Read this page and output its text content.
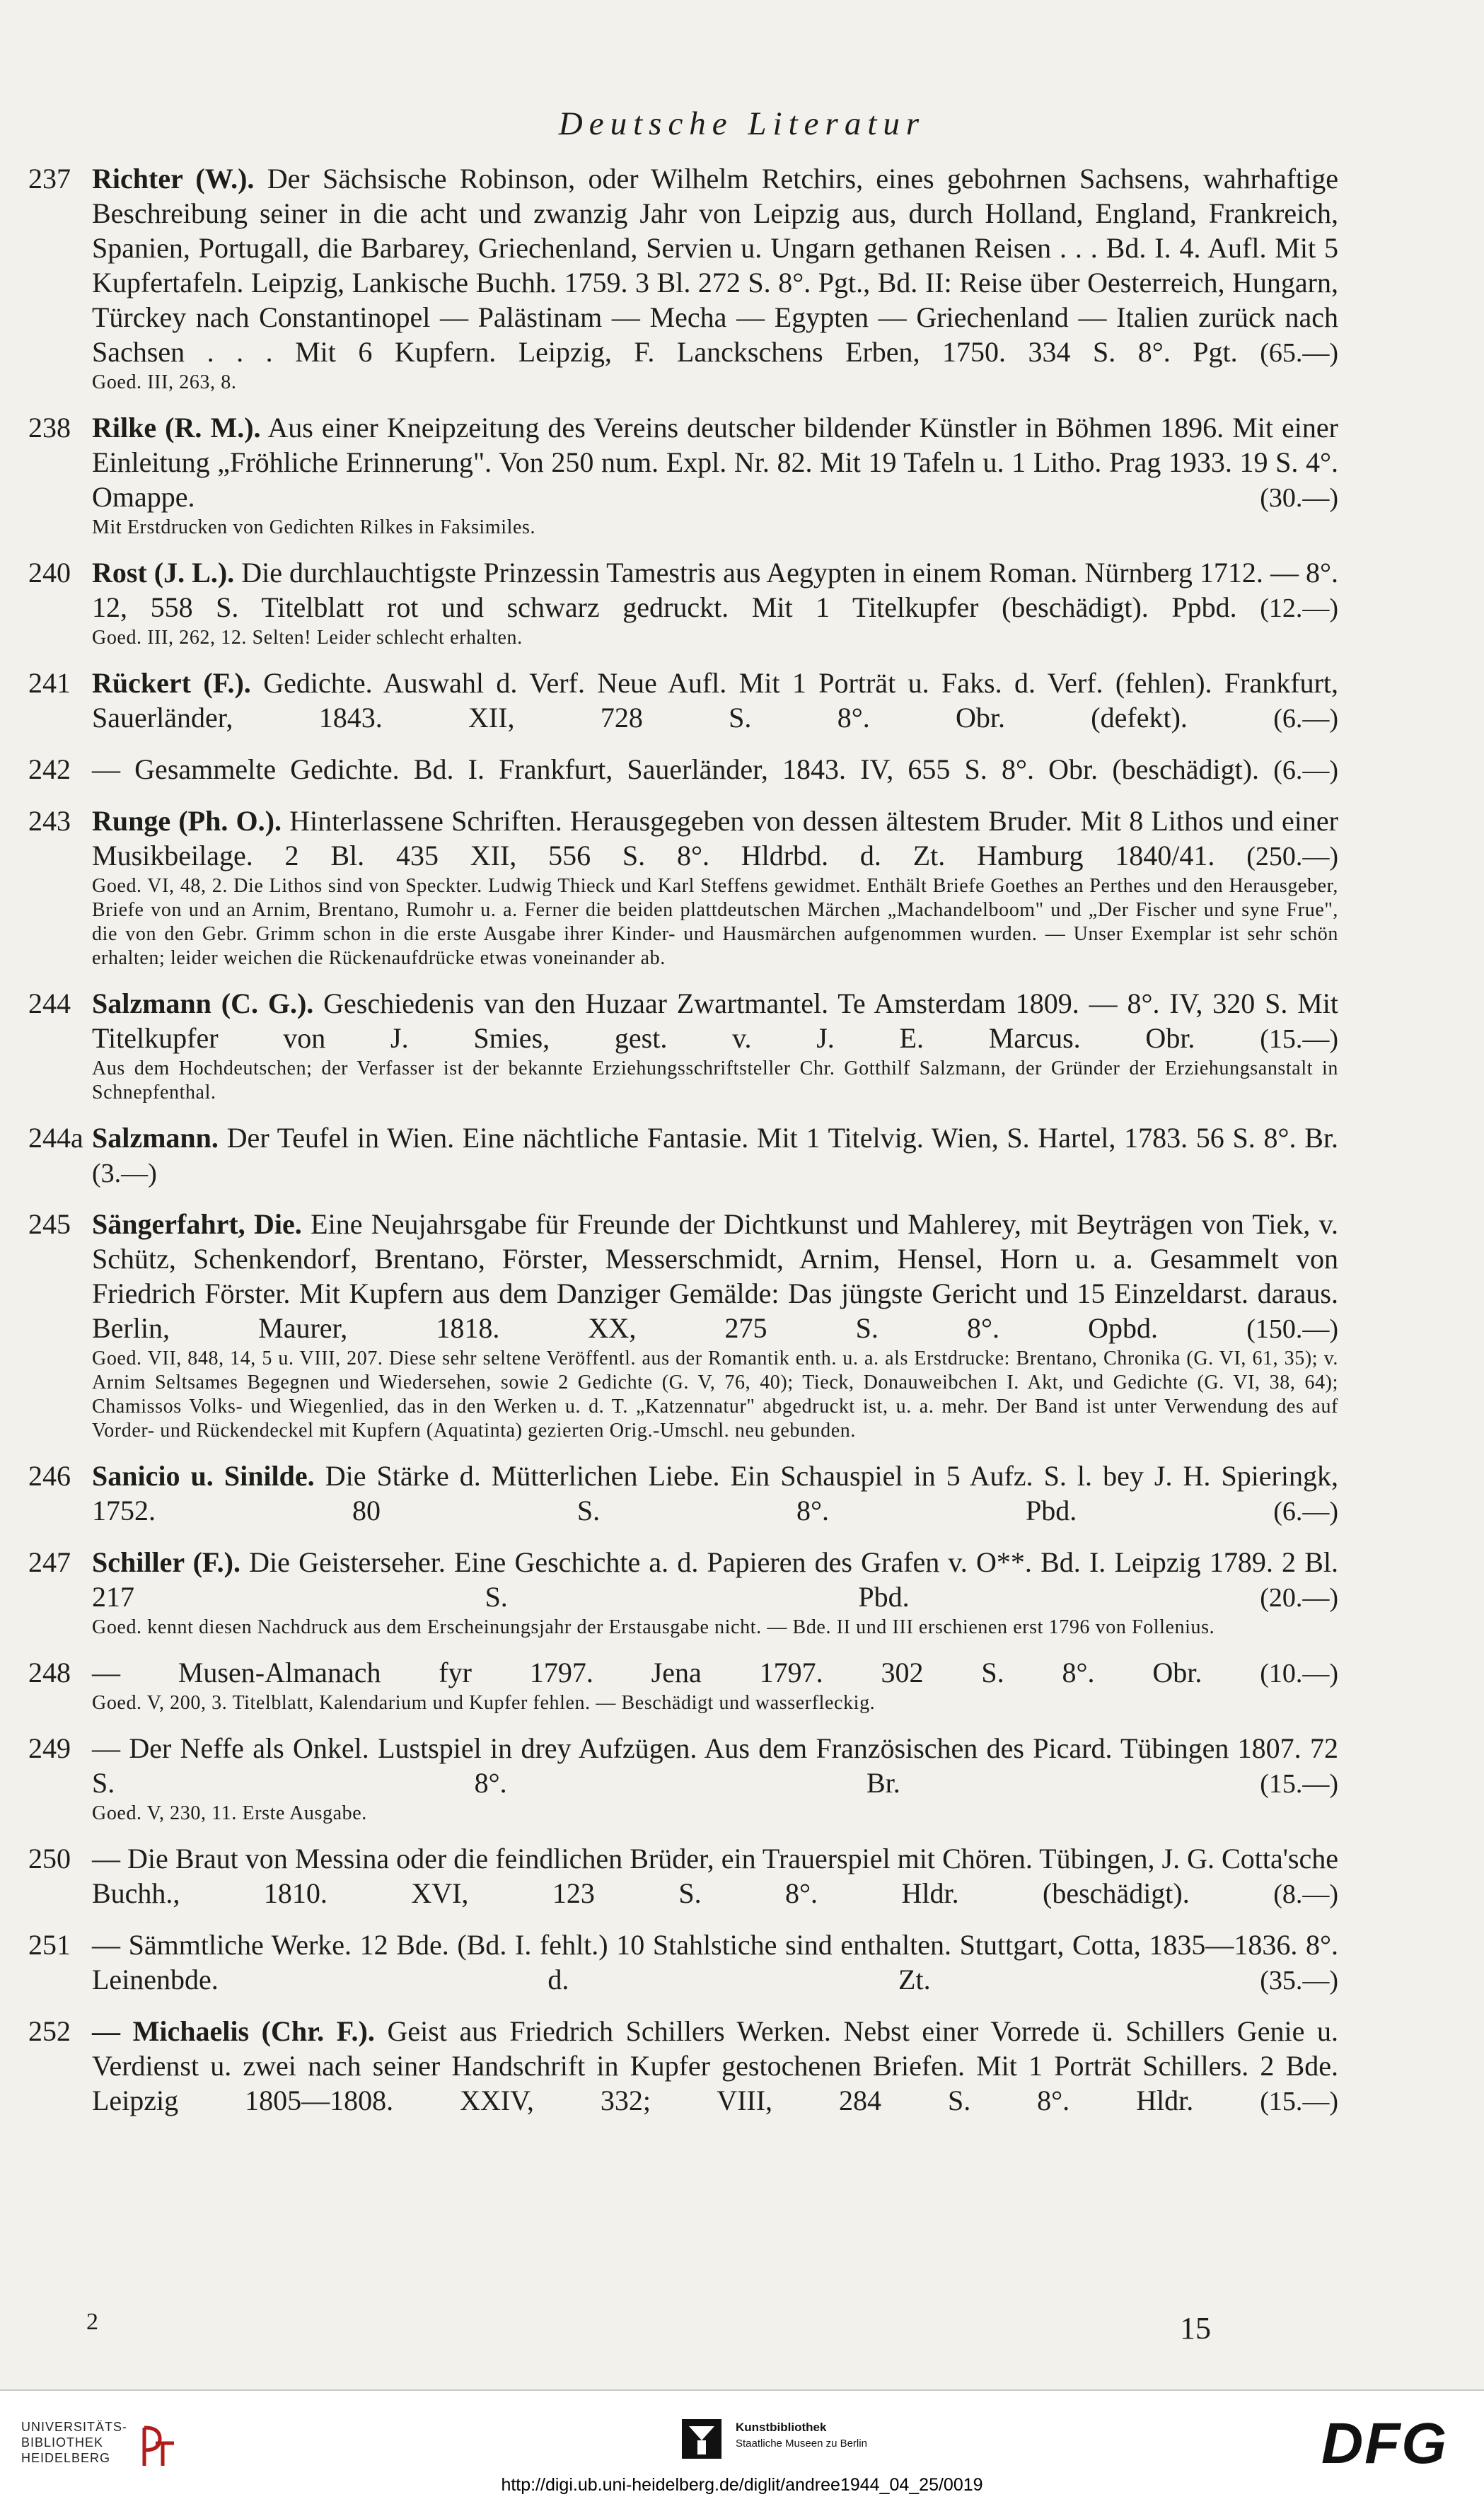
Deutsche Literatur
237 Richter (W.). Der Sächsische Robinson, oder Wilhelm Retchirs, eines gebohrnen Sachsens, wahrhaftige Beschreibung seiner in die acht und zwanzig Jahr von Leipzig aus, durch Holland, England, Frankreich, Spanien, Portugall, die Barbarey, Griechenland, Servien u. Ungarn gethanen Reisen . . . Bd. I. 4. Aufl. Mit 5 Kupfertafeln. Leipzig, Lankische Buchh. 1759. 3 Bl. 272 S. 8°. Pgt., Bd. II: Reise über Oesterreich, Hungarn, Türckey nach Constantinopel — Palästinam — Mecha — Egypten — Griechenland — Italien zurück nach Sachsen . . . Mit 6 Kupfern. Leipzig, F. Lanckschens Erben, 1750. 334 S. 8°. Pgt. (65.—)
Goed. III, 263, 8.
238 Rilke (R. M.). Aus einer Kneipzeitung des Vereins deutscher bildender Künstler in Böhmen 1896. Mit einer Einleitung „Fröhliche Erinnerung". Von 250 num. Expl. Nr. 82. Mit 19 Tafeln u. 1 Litho. Prag 1933. 19 S. 4°. Omappe.	(30.—)
Mit Erstdrucken von Gedichten Rilkes in Faksimiles.
240 Rost (J. L.). Die durchlauchtigste Prinzessin Tamestris aus Aegypten in einem Roman. Nürnberg 1712. — 8°. 12, 558 S. Titelblatt rot und schwarz gedruckt. Mit 1 Titelkupfer (beschädigt). Ppbd. (12.—)
Goed. III, 262, 12. Selten! Leider schlecht erhalten.
241 Rückert (F.). Gedichte. Auswahl d. Verf. Neue Aufl. Mit 1 Porträt u. Faks. d. Verf. (fehlen). Frankfurt, Sauerländer, 1843. XII, 728 S. 8°. Obr. (defekt).	(6.—)
242 — Gesammelte Gedichte. Bd. I. Frankfurt, Sauerländer, 1843. IV, 655 S. 8°. Obr. (beschädigt). (6.—)
243 Runge (Ph. O.). Hinterlassene Schriften. Herausgegeben von dessen ältestem Bruder. Mit 8 Lithos und einer Musikbeilage. 2 Bl. 435 XII, 556 S. 8°. Hldrbd. d. Zt. Hamburg 1840/41. (250.—)
Goed. VI, 48, 2. Die Lithos sind von Speckter. Ludwig Thieck und Karl Steffens gewidmet. Enthält Briefe Goethes an Perthes und den Herausgeber, Briefe von und an Arnim, Brentano, Rumohr u. a. Ferner die beiden plattdeutschen Märchen „Machandelboom" und „Der Fischer und syne Frue", die von den Gebr. Grimm schon in die erste Ausgabe ihrer Kinder- und Hausmärchen aufgenommen wurden. — Unser Exemplar ist sehr schön erhalten; leider weichen die Rückenaufdrücke etwas voneinander ab.
244 Salzmann (C. G.). Geschiedenis van den Huzaar Zwartmantel. Te Amsterdam 1809. — 8°. IV, 320 S. Mit Titelkupfer von J. Smies, gest. v. J. E. Marcus. Obr. (15.—)
Aus dem Hochdeutschen; der Verfasser ist der bekannte Erziehungsschriftsteller Chr. Gotthilf Salzmann, der Gründer der Erziehungsanstalt in Schnepfenthal.
244a Salzmann. Der Teufel in Wien. Eine nächtliche Fantasie. Mit 1 Titelvig. Wien, S. Hartel, 1783. 56 S. 8°. Br. (3.—)
245 Sängerfahrt, Die. Eine Neujahrsgabe für Freunde der Dichtkunst und Mahlerey, mit Beyträgen von Tiek, v. Schütz, Schenkendorf, Brentano, Förster, Messerschmidt, Arnim, Hensel, Horn u. a. Gesammelt von Friedrich Förster. Mit Kupfern aus dem Danziger Gemälde: Das jüngste Gericht und 15 Einzeldarst. daraus. Berlin, Maurer, 1818. XX, 275 S. 8°. Opbd.	(150.—)
Goed. VII, 848, 14, 5 u. VIII, 207. Diese sehr seltene Veröffentl. aus der Romantik enth. u. a. als Erstdrucke: Brentano, Chronika (G. VI, 61, 35); v. Arnim Seltsames Begegnen und Wiedersehen, sowie 2 Gedichte (G. V, 76, 40); Tieck, Donauweibchen I. Akt, und Gedichte (G. VI, 38, 64); Chamissos Volks- und Wiegenlied, das in den Werken u. d. T. „Katzennatur" abgedruckt ist, u. a. mehr. Der Band ist unter Verwendung des auf Vorder- und Rückendeckel mit Kupfern (Aquatinta) gezierten Orig.-Umschl. neu gebunden.
246 Sanicio u. Sinilde. Die Stärke d. Mütterlichen Liebe. Ein Schauspiel in 5 Aufz. S. l. bey J. H. Spieringk, 1752. 80 S. 8°. Pbd.	(6.—)
247 Schiller (F.). Die Geisterseher. Eine Geschichte a. d. Papieren des Grafen v. O**. Bd. I. Leipzig 1789. 2 Bl. 217 S. Pbd.	(20.—)
Goed. kennt diesen Nachdruck aus dem Erscheinungsjahr der Erstausgabe nicht. — Bde. II und III erschienen erst 1796 von Follenius.
248 — Musen-Almanach fyr 1797. Jena 1797. 302 S. 8°. Obr. (10.—)
Goed. V, 200, 3. Titelblatt, Kalendarium und Kupfer fehlen. — Beschädigt und wasserfleckig.
249 — Der Neffe als Onkel. Lustspiel in drey Aufzügen. Aus dem Französischen des Picard. Tübingen 1807. 72 S. 8°. Br.	(15.—)
Goed. V, 230, 11. Erste Ausgabe.
250 — Die Braut von Messina oder die feindlichen Brüder, ein Trauerspiel mit Chören. Tübingen, J. G. Cotta'sche Buchh., 1810. XVI, 123 S. 8°. Hldr. (beschädigt).	(8.—)
251 — Sämmtliche Werke. 12 Bde. (Bd. I. fehlt.) 10 Stahlstiche sind enthalten. Stuttgart, Cotta, 1835—1836. 8°. Leinenbde. d. Zt.	(35.—)
252 — Michaelis (Chr. F.). Geist aus Friedrich Schillers Werken. Nebst einer Vorrede ü. Schillers Genie u. Verdienst u. zwei nach seiner Handschrift in Kupfer gestochenen Briefen. Mit 1 Porträt Schillers. 2 Bde. Leipzig 1805—1808. XXIV, 332; VIII, 284 S. 8°. Hldr. (15.—)
2	15
UNIVERSITÄTS-
BIBLIOTHEK
HEIDELBERG
Kunstbibliothek
Staatliche Museen zu Berlin	DFG
http://digi.ub.uni-heidelberg.de/diglit/andree1944_04_25/0019
